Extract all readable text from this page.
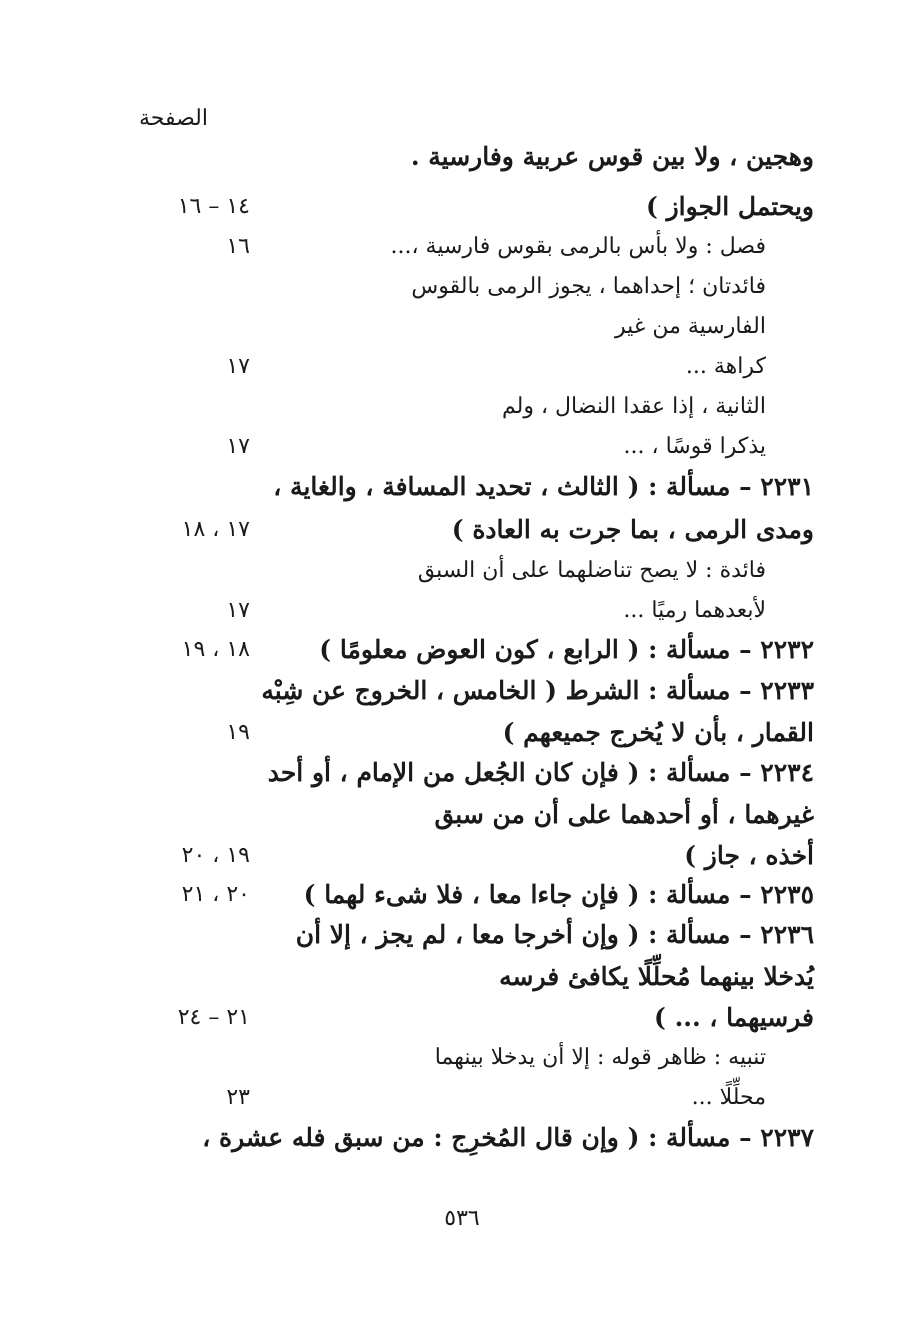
الصفحة
وهجين ، ولا بين قوس عربية وفارسية .
ويحتمل الجواز )
١٤ – ١٦
فصل : ولا بأس بالرمى بقوس فارسية ،...
١٦
فائدتان ؛ إحداهما ، يجوز الرمى بالقوس
الفارسية من غير
كراهة ...
١٧
الثانية ، إذا عقدا النضال ، ولم
يذكرا قوسًا ، ...
١٧
٢٢٣١ – مسألة : ( الثالث ، تحديد المسافة ، والغاية ،
ومدى الرمى ، بما جرت به العادة )
١٧ ، ١٨
فائدة : لا يصح تناضلهما على أن السبق
لأبعدهما رميًا ...
١٧
٢٢٣٢ – مسألة : ( الرابع ، كون العوض معلومًا )
١٨ ، ١٩
٢٢٣٣ – مسألة : الشرط ( الخامس ، الخروج عن شِبْه
القمار ، بأن لا يُخرج جميعهم )
١٩
٢٢٣٤ – مسألة : ( فإن كان الجُعل من الإمام ، أو أحد
غيرهما ، أو أحدهما على أن من سبق
أخذه ، جاز )
١٩ ، ٢٠
٢٢٣٥ – مسألة : ( فإن جاءا معا ، فلا شىء لهما )
٢٠ ، ٢١
٢٢٣٦ – مسألة : ( وإن أخرجا معا ، لم يجز ، إلا أن
يُدخلا بينهما مُحلِّلًا يكافئ فرسه
فرسيهما ، ... )
٢١ – ٢٤
تنبيه : ظاهر قوله : إلا أن يدخلا بينهما
محلِّلًا ...
٢٣
٢٢٣٧ – مسألة : ( وإن قال المُخرِج : من سبق فله عشرة ،
٥٣٦
